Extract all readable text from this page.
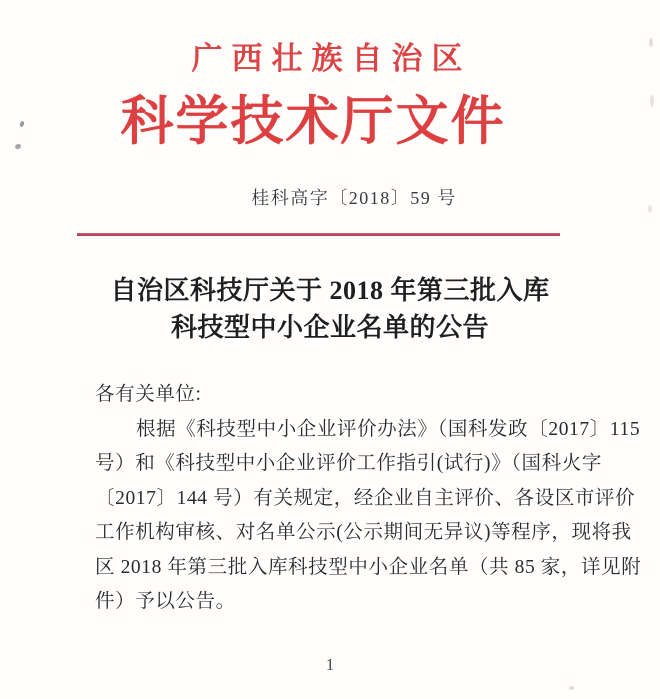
广西壮族自治区
科学技术厅文件
桂科高字〔2018〕59 号
自治区科技厅关于 2018 年第三批入库
科技型中小企业名单的公告
各有关单位:
根据《科技型中小企业评价办法》（国科发政〔2017〕115
号）和《科技型中小企业评价工作指引(试行)》（国科火字
〔2017〕144 号）有关规定，经企业自主评价、各设区市评价
工作机构审核、对名单公示(公示期间无异议)等程序，现将我
区 2018 年第三批入库科技型中小企业名单（共 85 家，详见附
件）予以公告。
1
